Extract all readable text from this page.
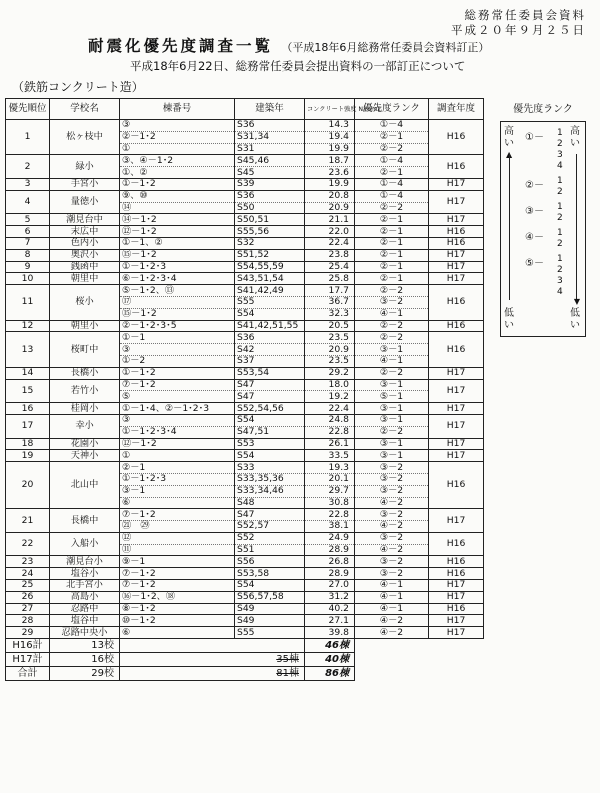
総務常任委員会資料
平成２０年９月２５日
耐震化優先度調査一覧 （平成18年6月総務常任委員会資料訂正）
平成18年6月22日、総務常任委員会提出資料の一部訂正について
（鉄筋コンクリート造）
優先順位	学校名	棟番号	建築年	コンクリート強度 N/mm2	優先度ランク	調査年度
1	松ヶ枝中	③	S36	14.3	①－4	H16
		②－1･2	S31,34	19.4	②－1	
		①	S31	19.9	②－2	
2	緑小	③、④－1･2	S45,46	18.7	①－4	H16
		①、②	S45	23.6	②－1	
3	手宮小	①－1･2	S39	19.9	①－4	H17
4	量徳小	⑨、⑩	S36	20.8	①－4	H17
		⑭	S50	20.9	②－2	
5	潮見台中	⑭－1･2	S50,51	21.1	②－1	H17
6	末広中	⑫－1･2	S55,56	22.0	②－1	H16
7	色内小	①－1、②	S32	22.4	②－1	H16
8	奥沢小	⑮－1･2	S51,52	23.8	②－1	H17
9	銭函中	①－1･2･3	S54,55,59	25.4	②－1	H17
10	朝里中	⑥－1･2･3･4	S43,51,54	25.8	②－1	H17
11	桜小	⑤－1･2、⑬	S41,42,49	17.7	②－2	H16
		⑰	S55	36.7	③－2	
		⑮－1･2	S54	32.3	④－1	
12	朝里小	②－1･2･3･5	S41,42,51,55	20.5	②－2	H16
13	桜町中	①－1	S36	23.5	②－2	H16
		③	S42	20.9	③－1	
		①－2	S37	23.5	④－1	
14	長橋小	①－1･2	S53,54	29.2	②－2	H17
15	若竹小	⑦－1･2	S47	18.0	③－1	H17
		⑤	S47	19.2	⑤－1	
16	桂岡小	①－1･4、②－1･2･3	S52,54,56	22.4	③－1	H17
17	幸小	③	S54	24.8	③－1	H17
		①－1･2･3･4	S47,51	22.8	②－2	
18	花園小	⑫－1･2	S53	26.1	③－1	H17
19	天神小	①	S54	33.5	③－1	H17
20	北山中	②－1	S33	19.3	③－2	H16
		①－1･2･3	S33,35,36	20.1	③－2	
		③－1	S33,34,46	29.7	③－2	
		⑥	S48	30.8	④－2	
21	長橋中	⑦－1･2	S47	22.8	③－2	H17
		㉑　㉙	S52,57	38.1	④－2	
22	入船小	⑫	S52	24.9	③－2	H16
		⑪	S51	28.9	④－2	
23	潮見台小	⑨－1	S56	26.8	③－2	H16
24	塩谷小	⑦－1･2	S53,58	28.9	③－2	H16
25	北手宮小	⑦－1･2	S54	27.0	④－1	H17
26	高島小	⑯－1･2、⑱	S56,57,58	31.2	④－1	H17
27	忍路中	⑧－1･2	S49	40.2	④－1	H16
28	塩谷中	⑩－1･2	S49	27.1	④－2	H17
29	忍路中央小	⑥	S55	39.8	④－2	H17
H16計	13校			46棟		
H17計	16校	35棟		40棟		
合計	29校	81棟		86棟		
優先度ランク
高い
▲
低い
高い
▼
低い
①－ 1
2
3
4
②－ 1
2
③－ 1
2
④－ 1
2
⑤－ 1
2
3
4
